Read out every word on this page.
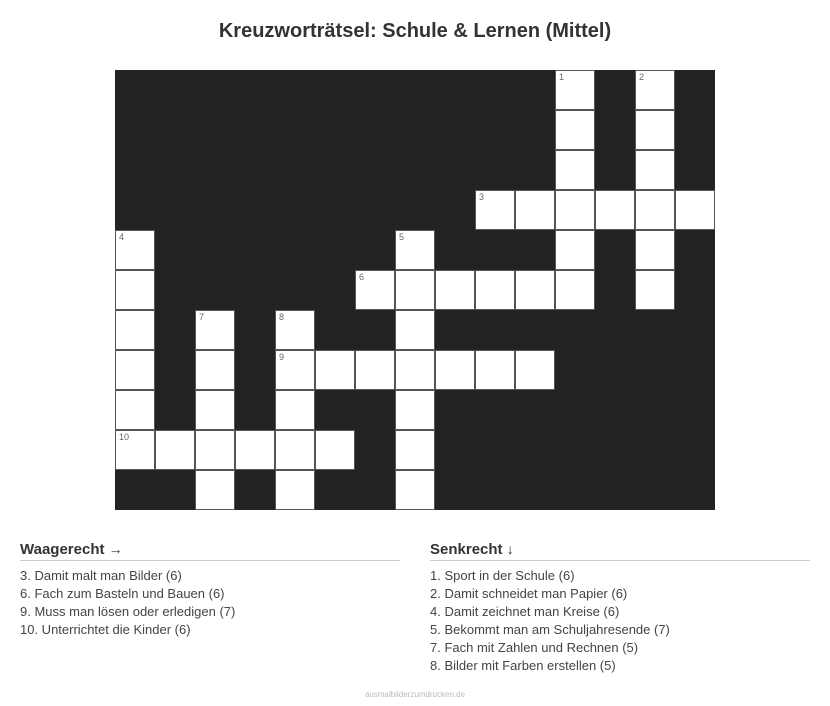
Kreuzworträtsel: Schule & Lernen (Mittel)
1	2
3
4
10
5
6
7	8
9
Waagerecht →
3. Damit malt man Bilder (6)
6. Fach zum Basteln und Bauen (6)
9. Muss man lösen oder erledigen (7)
10. Unterrichtet die Kinder (6)
Senkrecht ↓
1. Sport in der Schule (6)
2. Damit schneidet man Papier (6)
4. Damit zeichnet man Kreise (6)
5. Bekommt man am Schuljahresende (7)
7. Fach mit Zahlen und Rechnen (5)
8. Bilder mit Farben erstellen (5)
ausmalbilderzumdrucken.de
